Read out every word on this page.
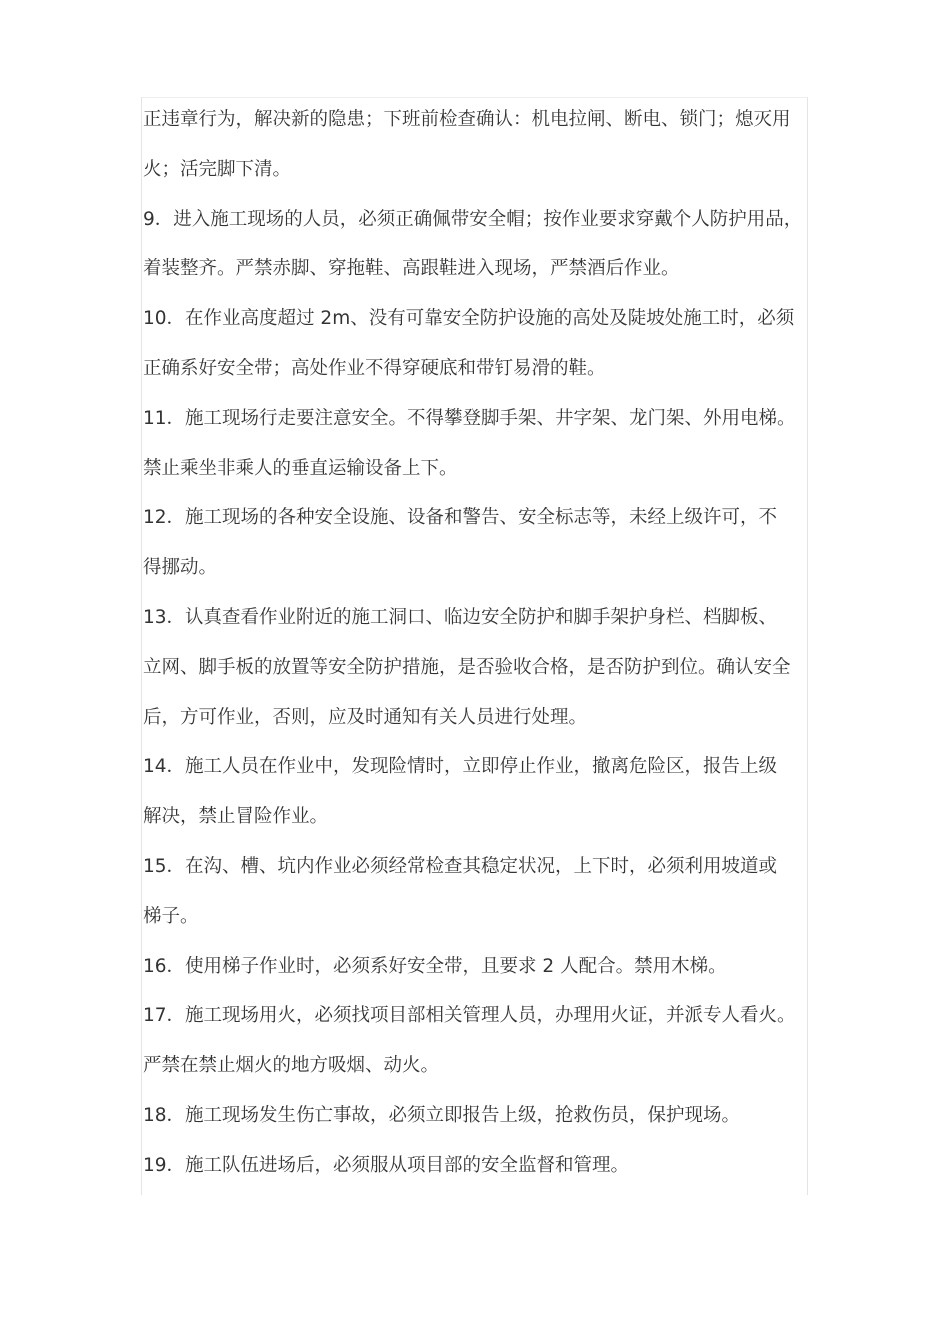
正违章行为，解决新的隐患；下班前检查确认：机电拉闸、断电、锁门；熄灭用
火；活完脚下清。
9．进入施工现场的人员，必须正确佩带安全帽；按作业要求穿戴个人防护用品，
着装整齐。严禁赤脚、穿拖鞋、高跟鞋进入现场，严禁酒后作业。
10．在作业高度超过 2m、没有可靠安全防护设施的高处及陡坡处施工时，必须
正确系好安全带；高处作业不得穿硬底和带钉易滑的鞋。
11．施工现场行走要注意安全。不得攀登脚手架、井字架、龙门架、外用电梯。
禁止乘坐非乘人的垂直运输设备上下。
12．施工现场的各种安全设施、设备和警告、安全标志等，未经上级许可，不
得挪动。
13．认真查看作业附近的施工洞口、临边安全防护和脚手架护身栏、档脚板、
立网、脚手板的放置等安全防护措施，是否验收合格，是否防护到位。确认安全
后，方可作业，否则，应及时通知有关人员进行处理。
14．施工人员在作业中，发现险情时，立即停止作业，撤离危险区，报告上级
解决，禁止冒险作业。
15．在沟、槽、坑内作业必须经常检查其稳定状况，上下时，必须利用坡道或
梯子。
16．使用梯子作业时，必须系好安全带，且要求 2 人配合。禁用木梯。
17．施工现场用火，必须找项目部相关管理人员，办理用火证，并派专人看火。
严禁在禁止烟火的地方吸烟、动火。
18．施工现场发生伤亡事故，必须立即报告上级，抢救伤员，保护现场。
19．施工队伍进场后，必须服从项目部的安全监督和管理。
